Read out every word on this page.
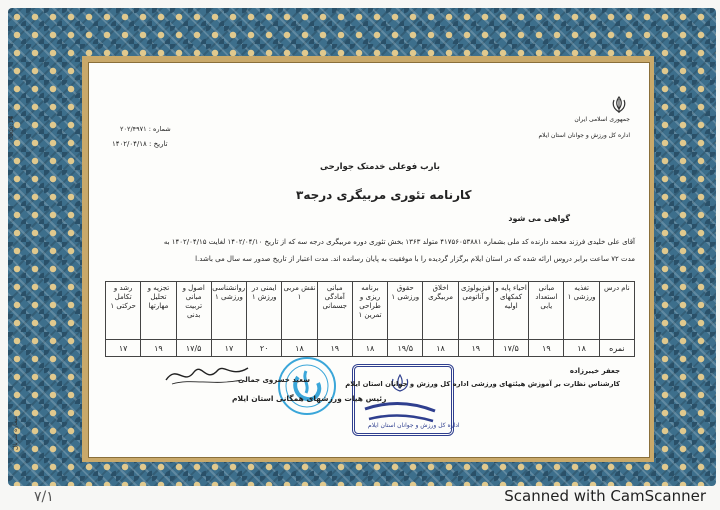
جمهوری اسلامی ایران
اداره کل ورزش و جوانان استان ایلام
شماره : ۲۰۲/۴۹۷۱
تاریخ : ۱۴۰۲/۰۴/۱۸
بارب فوعلی خدمتک جوارحی
کارنامه تئوری مربیگری درجه۳
گواهی می شود
آقای علی خلیدی فرزند محمد دارنده کد ملی بشماره ۴۱۷۵۶۰۵۳۸۸۱ متولد ۱۳۶۳ بخش تئوری دوره مربیگری درجه سه که از تاریخ ۱۴۰۲/۰۴/۱۰ لغایت ۱۴۰۲/۰۴/۱۵ به
مدت ۷۲ ساعت برابر دروس ارائه شده که در استان ایلام برگزار گردیده را با موفقیت به پایان رسانده اند. مدت اعتبار از تاریخ صدور سه سال می باشد.ا
نام درس	تغذیه ورزشی ۱	مبانی استعداد یابی	احیاء پایه و کمکهای اولیه	فیزیولوژی و آناتومی	اخلاق مربیگری	حقوق ورزشی ۱	برنامه ریزی و طراحی تمرین ۱	مبانی آمادگی جسمانی	نقش مربی ۱	ایمنی در ورزش ۱	روانشناسی ورزشی ۱	اصول و مبانی تربیت بدنی	تجزیه و تحلیل مهارتها	رشد و تکامل حرکتی ۱
نمره	۱۸	۱۹	۱۷/۵	۱۹	۱۸	۱۹/۵	۱۸	۱۹	۱۸	۲۰	۱۷	۱۷/۵	۱۹	۱۷
سعید خسروی جمالی
رئیس هیات ورزشهای همگانی استان ایلام
جعفر خیبرزاده
کارشناس نظارت بر آموزش هیئتهای ورزشی اداره کل ورزش و جوانان استان ایلام
اداره کل ورزش و جوانان استان ایلام
code:14
شماره سریال
۷/۱	Scanned with CamScanner
